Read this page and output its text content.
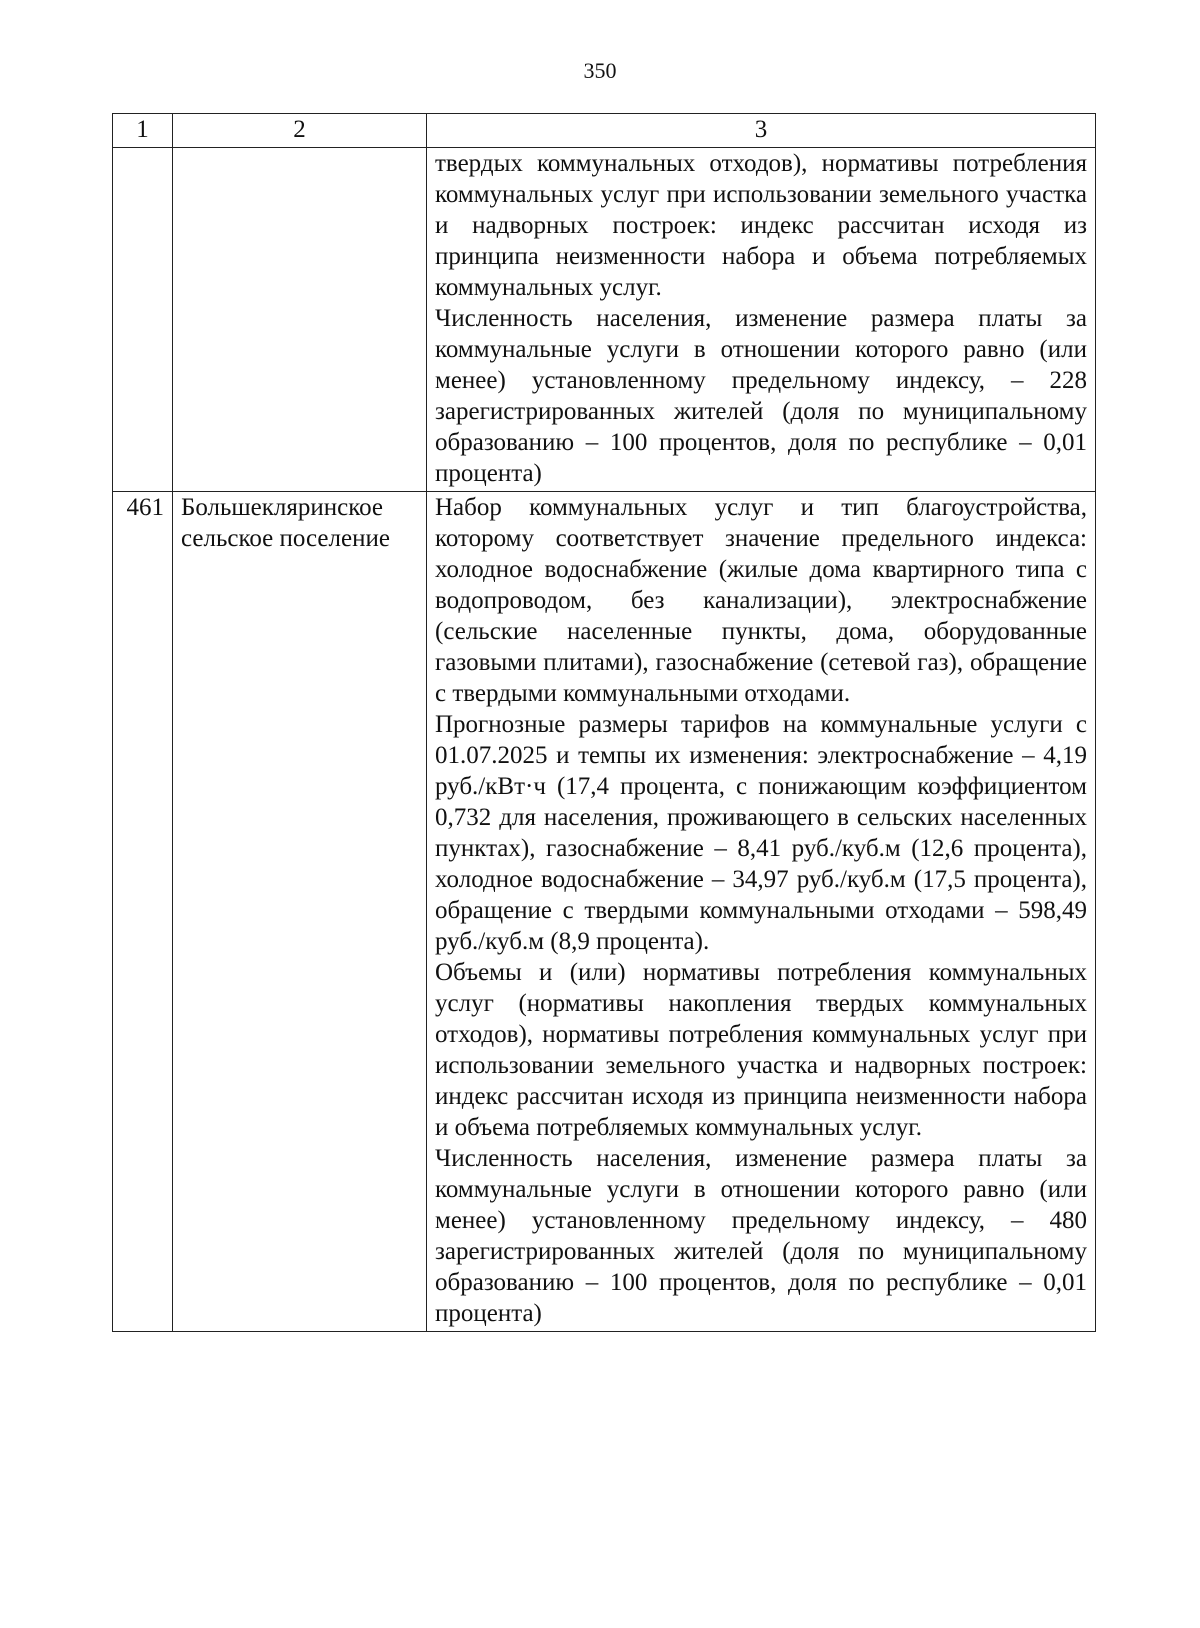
350
1	2	3

		твердых коммунальных отходов), нормативы потребления коммунальных услуг при использовании земельного участка и надворных построек: индекс рассчитан исходя из принципа неизменности набора и объема потребляемых коммунальных услуг.

Численность населения, изменение размера платы за коммунальные услуги в отношении которого равно (или менее) установленному предельному индексу, – 228 зарегистрированных жителей (доля по муниципальному образованию – 100 процентов, доля по республике – 0,01 процента)

461	Большекляринское сельское поселение	Набор коммунальных услуг и тип благоустройства, которому соответствует значение предельного индекса: холодное водоснабжение (жилые дома квартирного типа с водопроводом, без канализации), электроснабжение (сельские населенные пункты, дома, оборудованные газовыми плитами), газоснабжение (сетевой газ), обращение с твердыми коммунальными отходами.

Прогнозные размеры тарифов на коммунальные услуги с 01.07.2025 и темпы их изменения: электроснабжение – 4,19 руб./кВт·ч (17,4 процента, с понижающим коэффициентом 0,732 для населения, проживающего в сельских населенных пунктах), газоснабжение – 8,41 руб./куб.м (12,6 процента), холодное водоснабжение – 34,97 руб./куб.м (17,5 процента), обращение с твердыми коммунальными отходами – 598,49 руб./куб.м (8,9 процента).

Объемы и (или) нормативы потребления коммунальных услуг (нормативы накопления твердых коммунальных отходов), нормативы потребления коммунальных услуг при использовании земельного участка и надворных построек: индекс рассчитан исходя из принципа неизменности набора и объема потребляемых коммунальных услуг.

Численность населения, изменение размера платы за коммунальные услуги в отношении которого равно (или менее) установленному предельному индексу, – 480 зарегистрированных жителей (доля по муниципальному образованию – 100 процентов, доля по республике – 0,01 процента)
